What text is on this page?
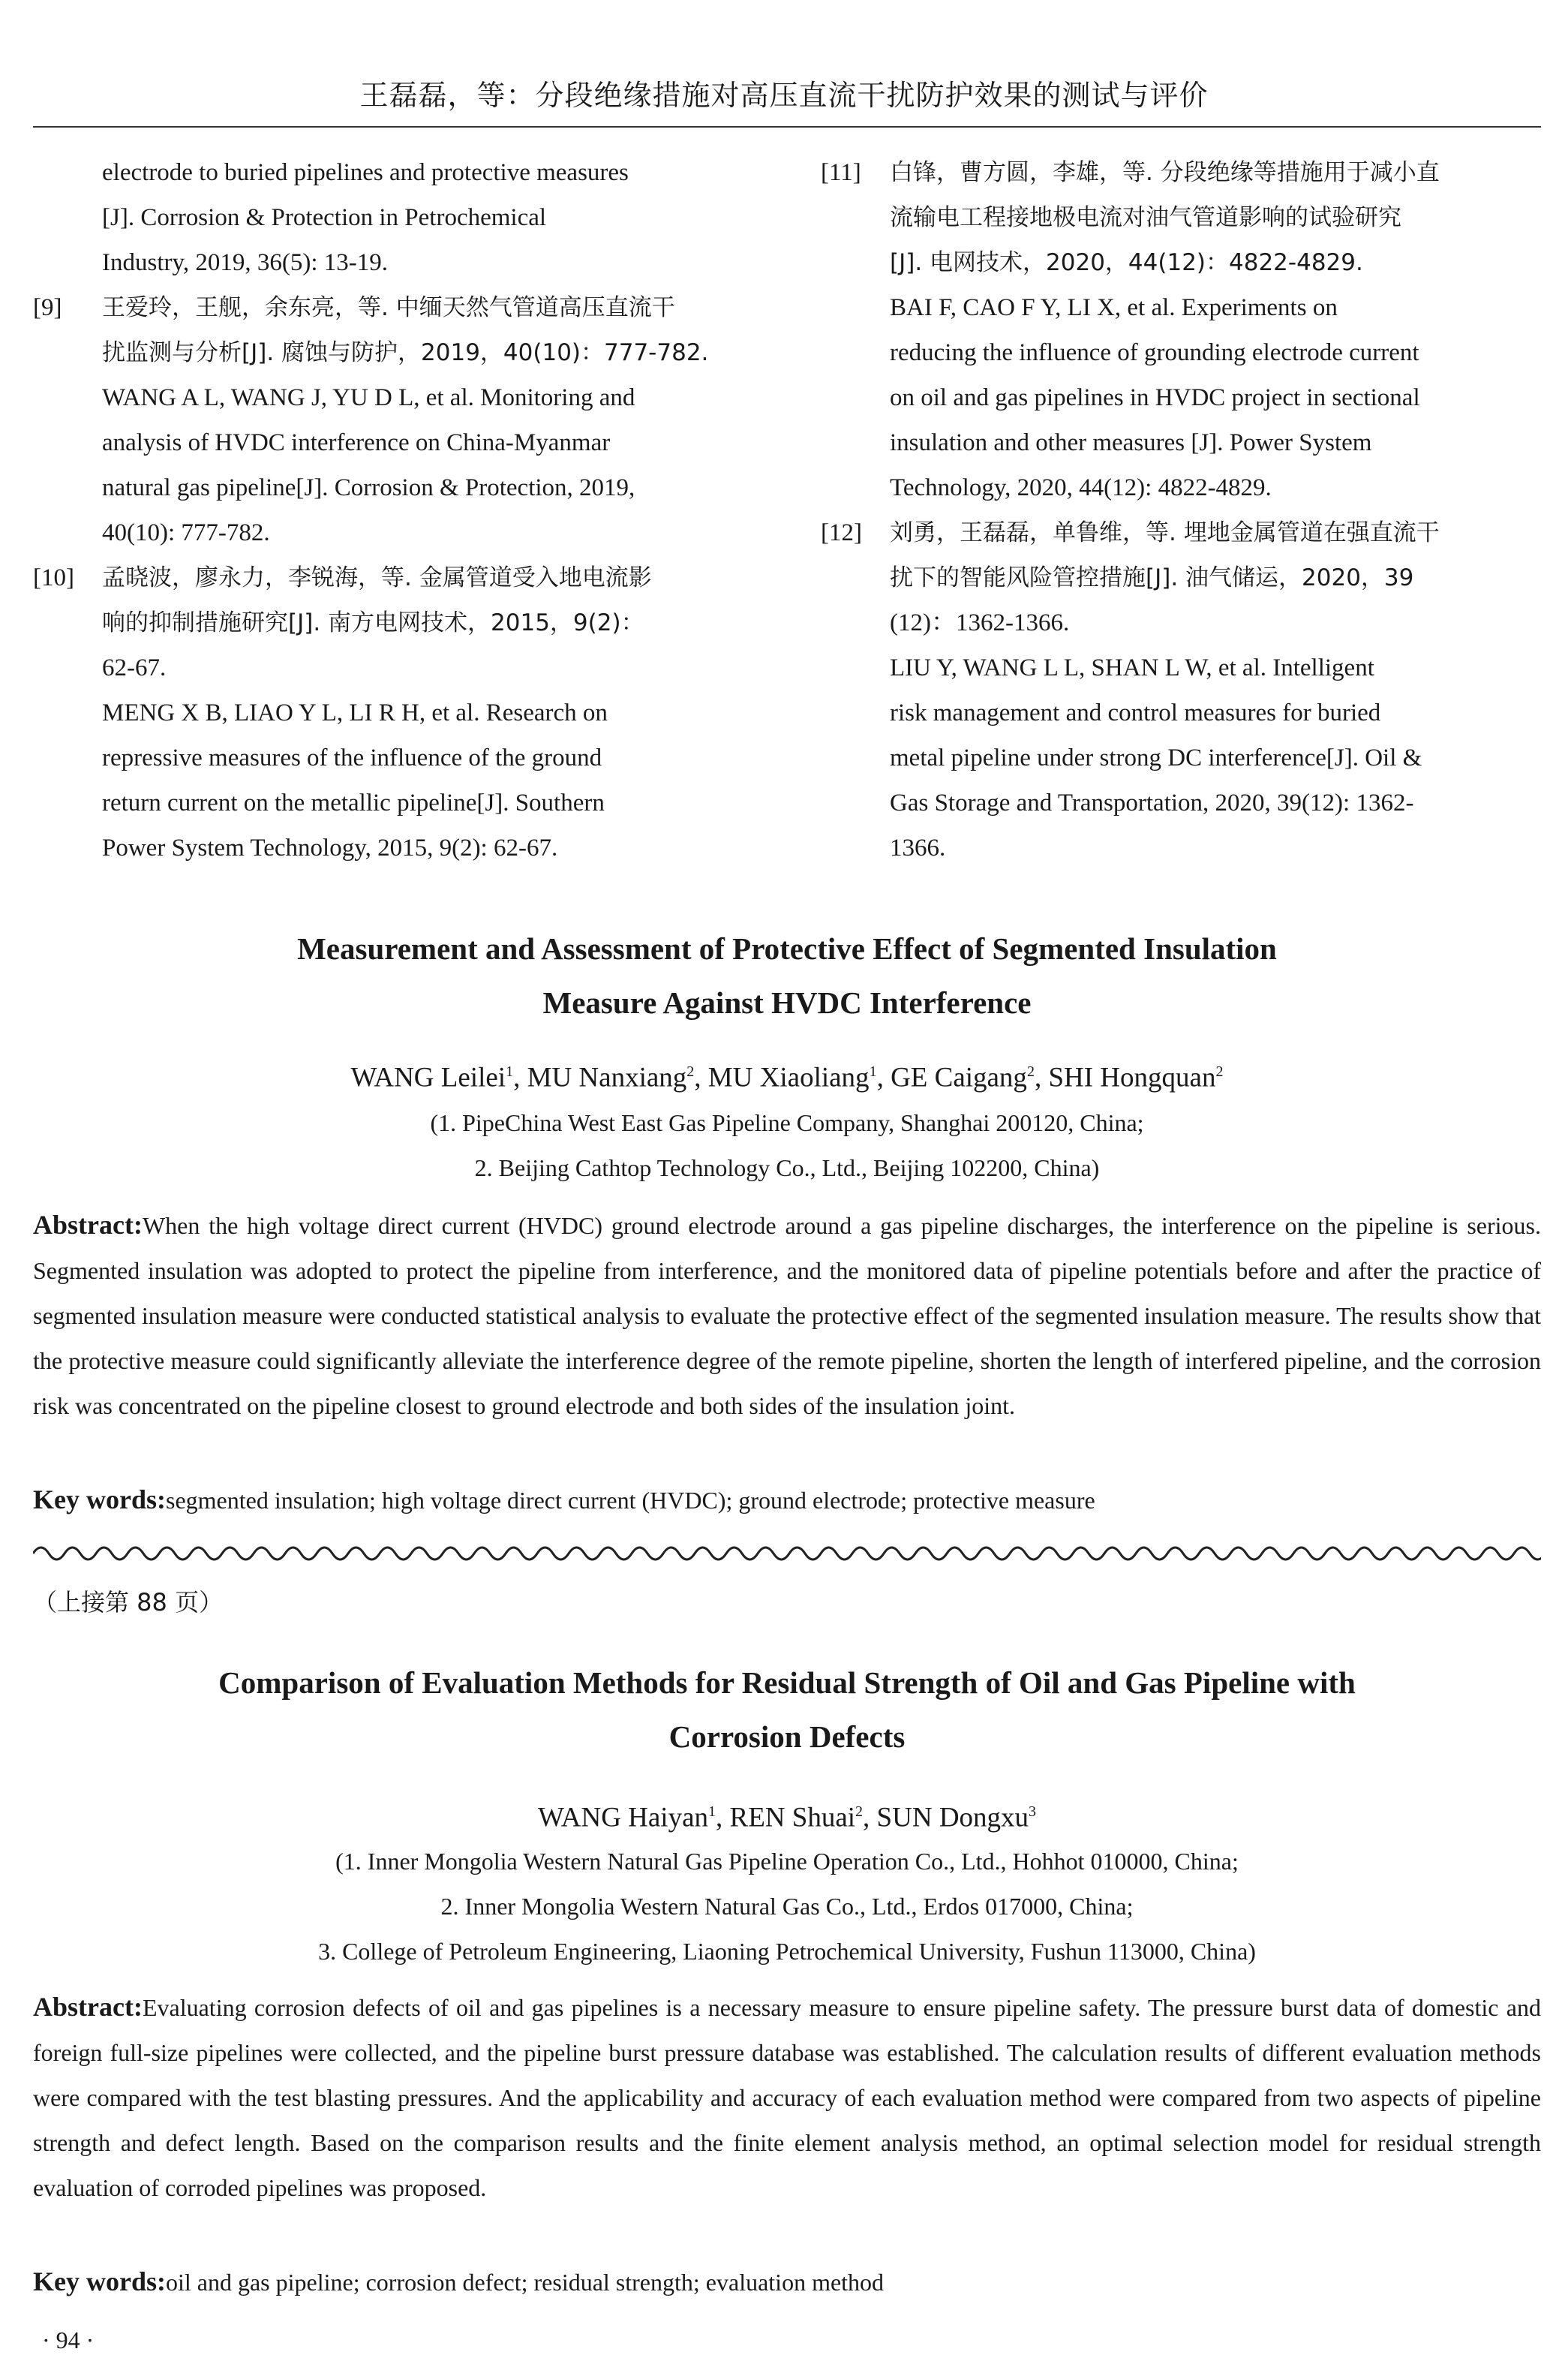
王磊磊，等：分段绝缘措施对高压直流干扰防护效果的测试与评价
electrode to buried pipelines and protective measures
[J]. Corrosion & Protection in Petrochemical
Industry, 2019, 36(5): 13-19.
[9] 王爱玲，王舰，余东亮，等. 中缅天然气管道高压直流干
扰监测与分析[J]. 腐蚀与防护，2019，40(10)：777-782.
WANG A L, WANG J, YU D L, et al. Monitoring and
analysis of HVDC interference on China-Myanmar
natural gas pipeline[J]. Corrosion & Protection, 2019,
40(10): 777-782.
[10] 孟晓波，廖永力，李锐海，等. 金属管道受入地电流影
响的抑制措施研究[J]. 南方电网技术，2015，9(2)：
62-67.
MENG X B, LIAO Y L, LI R H, et al. Research on
repressive measures of the influence of the ground
return current on the metallic pipeline[J]. Southern
Power System Technology, 2015, 9(2): 62-67.
[11] 白锋，曹方圆，李雄，等. 分段绝缘等措施用于减小直
流输电工程接地极电流对油气管道影响的试验研究
[J]. 电网技术，2020，44(12)：4822-4829.
BAI F, CAO F Y, LI X, et al. Experiments on
reducing the influence of grounding electrode current
on oil and gas pipelines in HVDC project in sectional
insulation and other measures [J]. Power System
Technology, 2020, 44(12): 4822-4829.
[12] 刘勇，王磊磊，单鲁维，等. 埋地金属管道在强直流干
扰下的智能风险管控措施[J]. 油气储运，2020，39
(12)：1362-1366.
LIU Y, WANG L L, SHAN L W, et al. Intelligent
risk management and control measures for buried
metal pipeline under strong DC interference[J]. Oil &
Gas Storage and Transportation, 2020, 39(12): 1362-
1366.
Measurement and Assessment of Protective Effect of Segmented Insulation
Measure Against HVDC Interference
WANG Leilei$^1$, MU Nanxiang$^2$, MU Xiaoliang$^1$, GE Caigang$^2$, SHI Hongquan$^2$
(1. PipeChina West East Gas Pipeline Company, Shanghai 200120, China;
2. Beijing Cathtop Technology Co., Ltd., Beijing 102200, China)

Abstract:When the high voltage direct current (HVDC) ground electrode around a gas pipeline discharges, the interference on the pipeline is serious. Segmented insulation was adopted to protect the pipeline from interference, and the monitored data of pipeline potentials before and after the practice of segmented insulation measure were conducted statistical analysis to evaluate the protective effect of the segmented insulation measure. The results show that the protective measure could significantly alleviate the interference degree of the remote pipeline, shorten the length of interfered pipeline, and the corrosion risk was concentrated on the pipeline closest to ground electrode and both sides of the insulation joint.

Key words:segmented insulation; high voltage direct current (HVDC); ground electrode; protective measure

（上接第 88 页）
Comparison of Evaluation Methods for Residual Strength of Oil and Gas Pipeline with
Corrosion Defects
WANG Haiyan$^1$, REN Shuai$^2$, SUN Dongxu$^3$
(1. Inner Mongolia Western Natural Gas Pipeline Operation Co., Ltd., Hohhot 010000, China;
2. Inner Mongolia Western Natural Gas Co., Ltd., Erdos 017000, China;
3. College of Petroleum Engineering, Liaoning Petrochemical University, Fushun 113000, China)

Abstract:Evaluating corrosion defects of oil and gas pipelines is a necessary measure to ensure pipeline safety. The pressure burst data of domestic and foreign full-size pipelines were collected, and the pipeline burst pressure database was established. The calculation results of different evaluation methods were compared with the test blasting pressures. And the applicability and accuracy of each evaluation method were compared from two aspects of pipeline strength and defect length. Based on the comparison results and the finite element analysis method, an optimal selection model for residual strength evaluation of corroded pipelines was proposed.

Key words:oil and gas pipeline; corrosion defect; residual strength; evaluation method

· 94 ·
